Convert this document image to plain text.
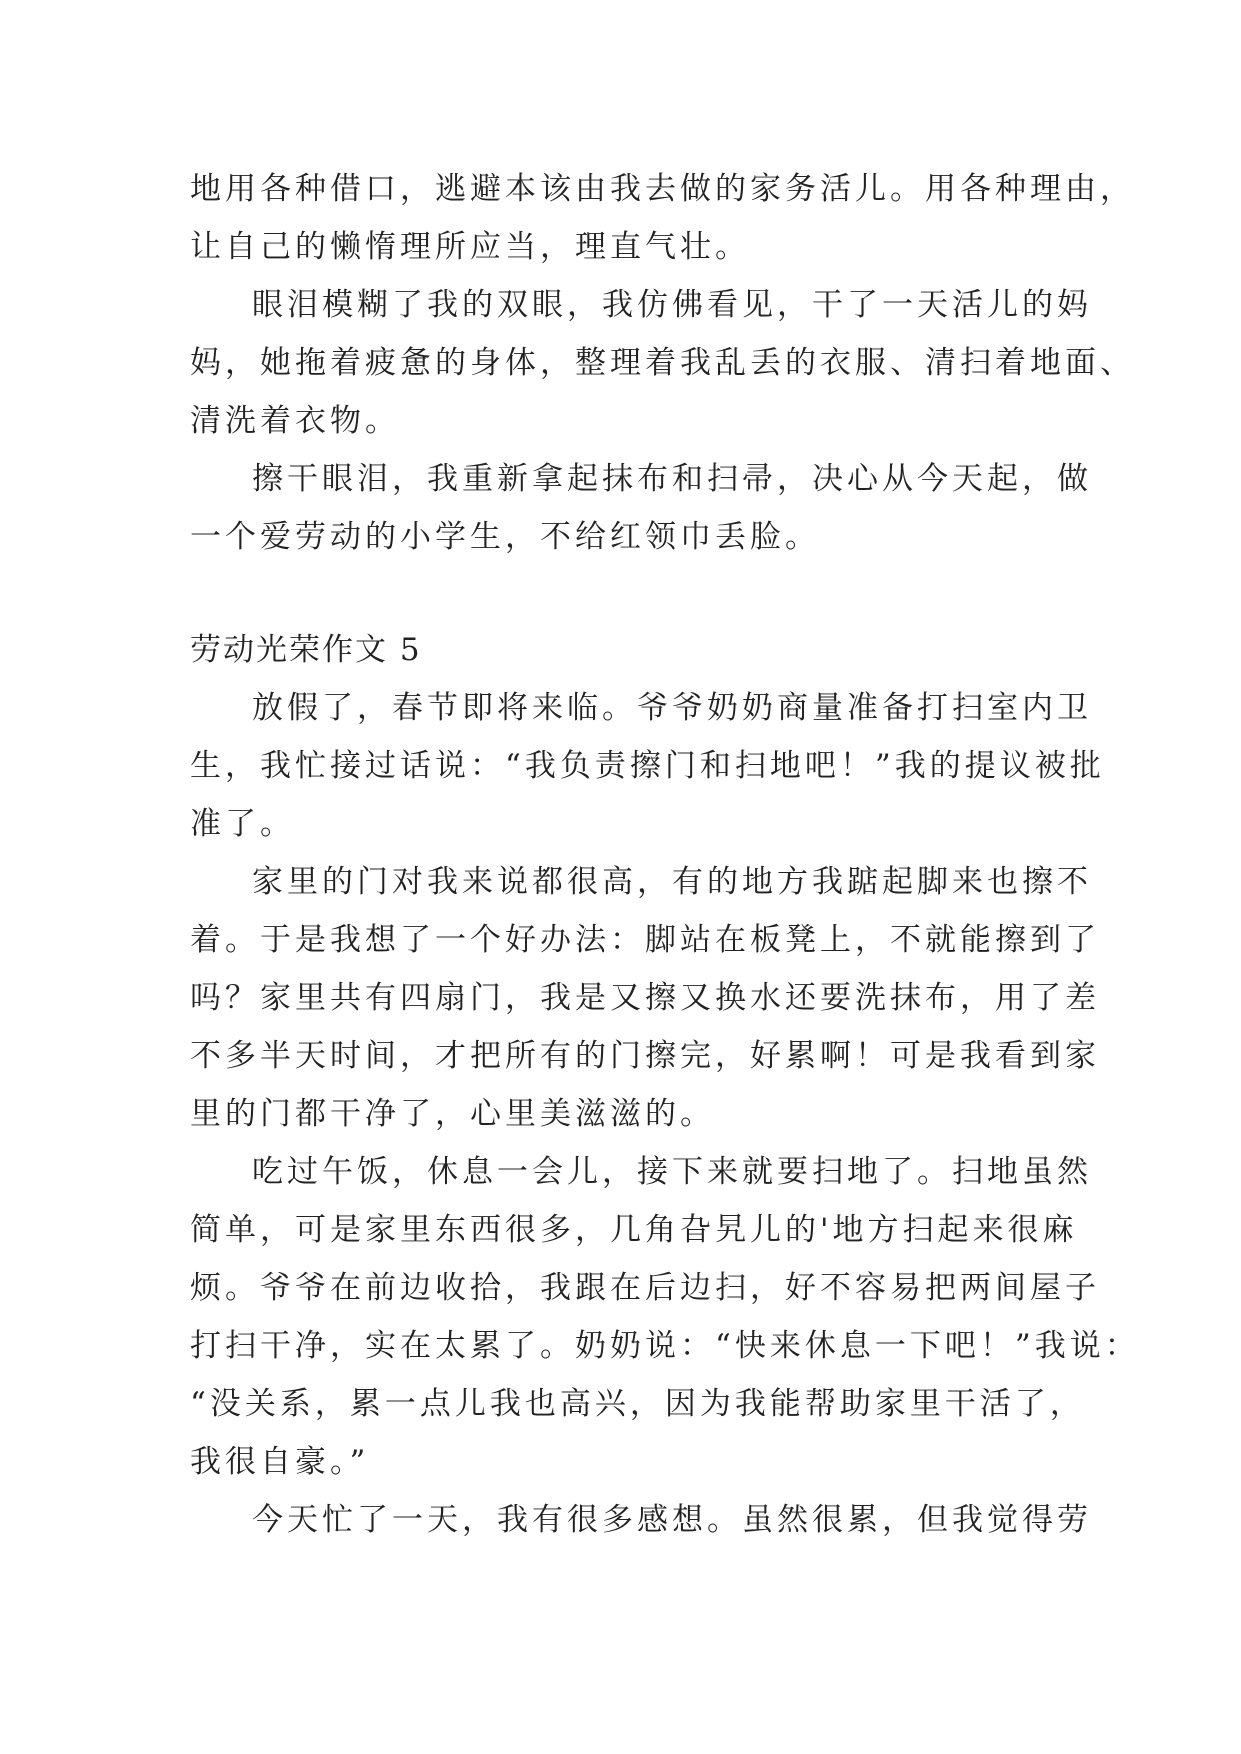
地用各种借口，逃避本该由我去做的家务活儿。用各种理由，
让自己的懒惰理所应当，理直气壮。
眼泪模糊了我的双眼，我仿佛看见，干了一天活儿的妈
妈，她拖着疲惫的身体，整理着我乱丢的衣服、清扫着地面、
清洗着衣物。
擦干眼泪，我重新拿起抹布和扫帚，决心从今天起，做
一个爱劳动的小学生，不给红领巾丢脸。
劳动光荣作文 5
放假了，春节即将来临。爷爷奶奶商量准备打扫室内卫
生，我忙接过话说：“我负责擦门和扫地吧！”我的提议被批
准了。
家里的门对我来说都很高，有的地方我踮起脚来也擦不
着。于是我想了一个好办法：脚站在板凳上，不就能擦到了
吗？家里共有四扇门，我是又擦又换水还要洗抹布，用了差
不多半天时间，才把所有的门擦完，好累啊！可是我看到家
里的门都干净了，心里美滋滋的。
吃过午饭，休息一会儿，接下来就要扫地了。扫地虽然
简单，可是家里东西很多，几角旮旯儿的'地方扫起来很麻
烦。爷爷在前边收拾，我跟在后边扫，好不容易把两间屋子
打扫干净，实在太累了。奶奶说：“快来休息一下吧！”我说：
“没关系，累一点儿我也高兴，因为我能帮助家里干活了，
我很自豪。”
今天忙了一天，我有很多感想。虽然很累，但我觉得劳
